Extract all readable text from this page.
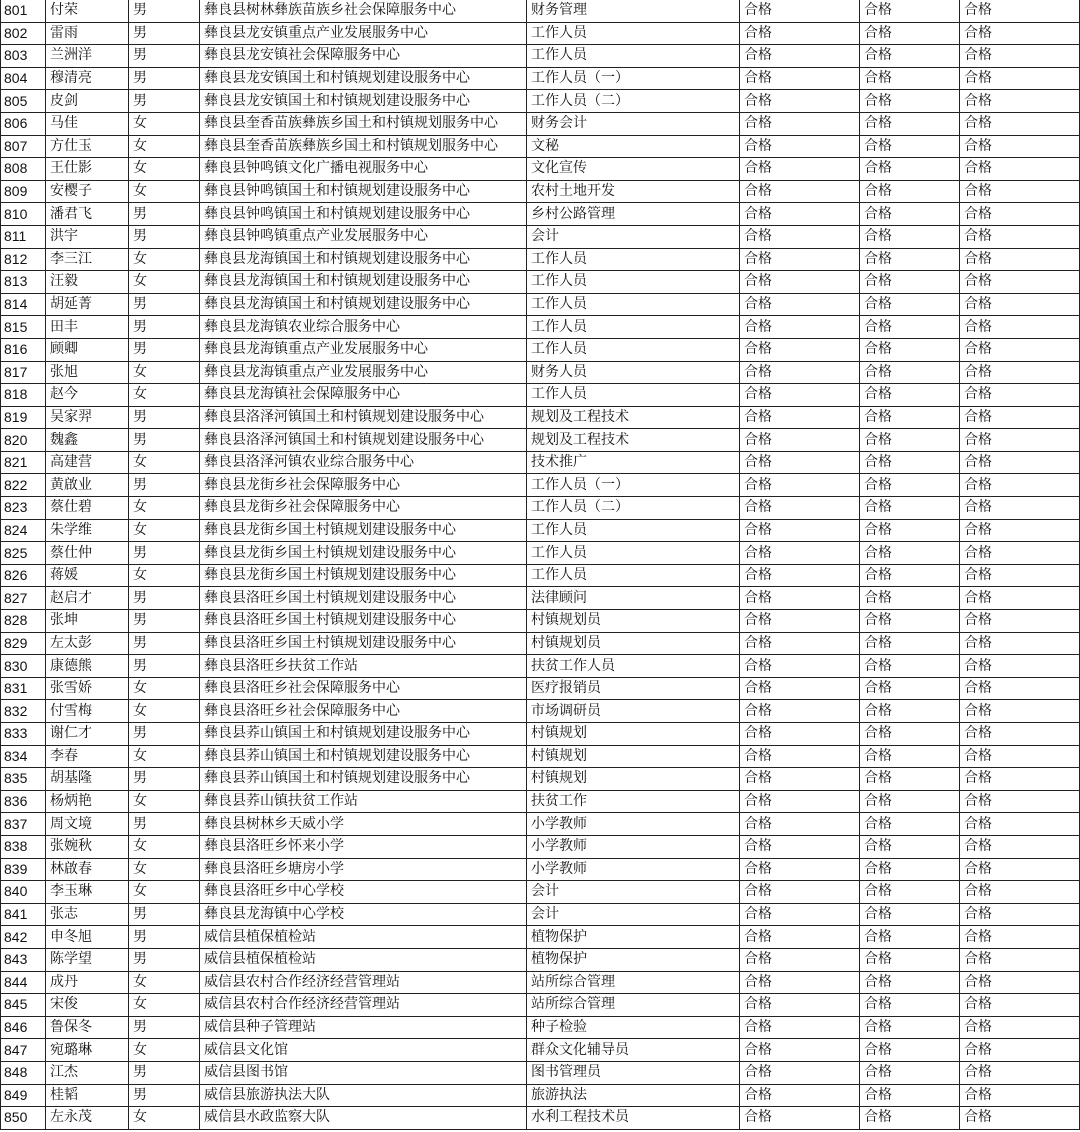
801	付荣	男	彝良县树林彝族苗族乡社会保障服务中心	财务管理	合格	合格	合格
802	雷雨	男	彝良县龙安镇重点产业发展服务中心	工作人员	合格	合格	合格
803	兰洲洋	男	彝良县龙安镇社会保障服务中心	工作人员	合格	合格	合格
804	穆清亮	男	彝良县龙安镇国土和村镇规划建设服务中心	工作人员（一）	合格	合格	合格
805	皮剑	男	彝良县龙安镇国土和村镇规划建设服务中心	工作人员（二）	合格	合格	合格
806	马佳	女	彝良县奎香苗族彝族乡国土和村镇规划服务中心	财务会计	合格	合格	合格
807	方仕玉	女	彝良县奎香苗族彝族乡国土和村镇规划服务中心	文秘	合格	合格	合格
808	王仕影	女	彝良县钟鸣镇文化广播电视服务中心	文化宣传	合格	合格	合格
809	安樱子	女	彝良县钟鸣镇国土和村镇规划建设服务中心	农村土地开发	合格	合格	合格
810	潘君飞	男	彝良县钟鸣镇国土和村镇规划建设服务中心	乡村公路管理	合格	合格	合格
811	洪宇	男	彝良县钟鸣镇重点产业发展服务中心	会计	合格	合格	合格
812	李三江	女	彝良县龙海镇国土和村镇规划建设服务中心	工作人员	合格	合格	合格
813	汪毅	女	彝良县龙海镇国土和村镇规划建设服务中心	工作人员	合格	合格	合格
814	胡延菁	男	彝良县龙海镇国土和村镇规划建设服务中心	工作人员	合格	合格	合格
815	田丰	男	彝良县龙海镇农业综合服务中心	工作人员	合格	合格	合格
816	顾卿	男	彝良县龙海镇重点产业发展服务中心	工作人员	合格	合格	合格
817	张旭	女	彝良县龙海镇重点产业发展服务中心	财务人员	合格	合格	合格
818	赵今	女	彝良县龙海镇社会保障服务中心	工作人员	合格	合格	合格
819	吴家羿	男	彝良县洛泽河镇国土和村镇规划建设服务中心	规划及工程技术	合格	合格	合格
820	魏鑫	男	彝良县洛泽河镇国土和村镇规划建设服务中心	规划及工程技术	合格	合格	合格
821	高建营	女	彝良县洛泽河镇农业综合服务中心	技术推广	合格	合格	合格
822	黄啟业	男	彝良县龙街乡社会保障服务中心	工作人员（一）	合格	合格	合格
823	蔡仕碧	女	彝良县龙街乡社会保障服务中心	工作人员（二）	合格	合格	合格
824	朱学维	女	彝良县龙街乡国土村镇规划建设服务中心	工作人员	合格	合格	合格
825	蔡仕仲	男	彝良县龙街乡国土村镇规划建设服务中心	工作人员	合格	合格	合格
826	蒋媛	女	彝良县龙街乡国土村镇规划建设服务中心	工作人员	合格	合格	合格
827	赵启才	男	彝良县洛旺乡国土村镇规划建设服务中心	法律顾问	合格	合格	合格
828	张坤	男	彝良县洛旺乡国土村镇规划建设服务中心	村镇规划员	合格	合格	合格
829	左太彭	男	彝良县洛旺乡国土村镇规划建设服务中心	村镇规划员	合格	合格	合格
830	康德熊	男	彝良县洛旺乡扶贫工作站	扶贫工作人员	合格	合格	合格
831	张雪娇	女	彝良县洛旺乡社会保障服务中心	医疗报销员	合格	合格	合格
832	付雪梅	女	彝良县洛旺乡社会保障服务中心	市场调研员	合格	合格	合格
833	谢仁才	男	彝良县荞山镇国土和村镇规划建设服务中心	村镇规划	合格	合格	合格
834	李春	女	彝良县荞山镇国土和村镇规划建设服务中心	村镇规划	合格	合格	合格
835	胡基隆	男	彝良县荞山镇国土和村镇规划建设服务中心	村镇规划	合格	合格	合格
836	杨炳艳	女	彝良县荞山镇扶贫工作站	扶贫工作	合格	合格	合格
837	周文境	男	彝良县树林乡天威小学	小学教师	合格	合格	合格
838	张婉秋	女	彝良县洛旺乡怀来小学	小学教师	合格	合格	合格
839	林啟春	女	彝良县洛旺乡塘房小学	小学教师	合格	合格	合格
840	李玉琳	女	彝良县洛旺乡中心学校	会计	合格	合格	合格
841	张志	男	彝良县龙海镇中心学校	会计	合格	合格	合格
842	申冬旭	男	威信县植保植检站	植物保护	合格	合格	合格
843	陈学望	男	威信县植保植检站	植物保护	合格	合格	合格
844	成丹	女	威信县农村合作经济经营管理站	站所综合管理	合格	合格	合格
845	宋俊	女	威信县农村合作经济经营管理站	站所综合管理	合格	合格	合格
846	鲁保冬	男	威信县种子管理站	种子检验	合格	合格	合格
847	宛璐琳	女	威信县文化馆	群众文化辅导员	合格	合格	合格
848	江杰	男	威信县图书馆	图书管理员	合格	合格	合格
849	桂韬	男	威信县旅游执法大队	旅游执法	合格	合格	合格
850	左永茂	女	威信县水政监察大队	水利工程技术员	合格	合格	合格
